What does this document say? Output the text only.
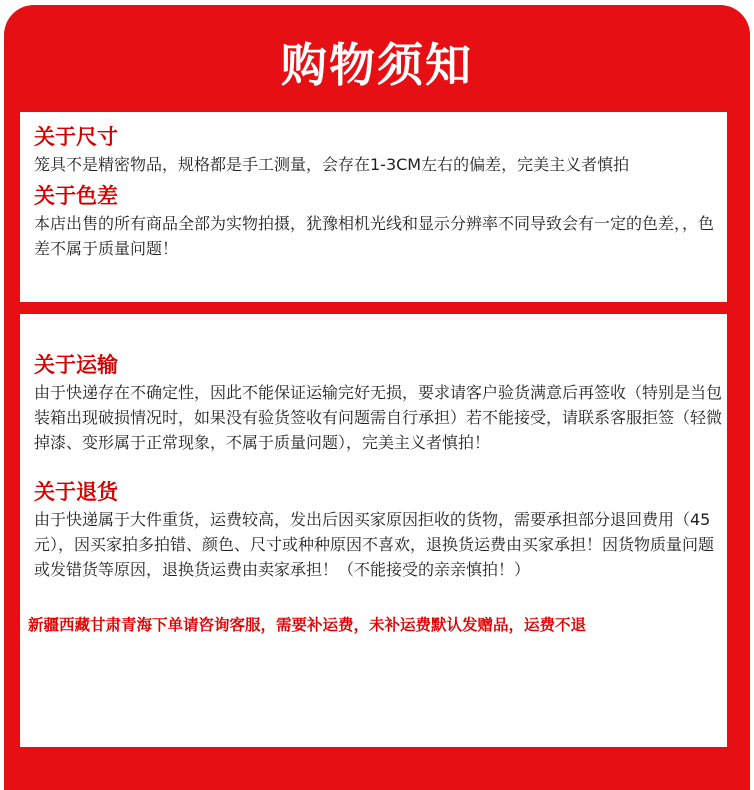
购物须知
关于尺寸

笼具不是精密物品，规格都是手工测量，会存在1-3CM左右的偏差，完美主义者慎拍

关于色差

本店出售的所有商品全部为实物拍摄，犹豫相机光线和显示分辨率不同导致会有一定的色差，，色差不属于质量问题！

关于运输

由于快递存在不确定性，因此不能保证运输完好无损，要求请客户验货满意后再签收（特别是当包装箱出现破损情况时，如果没有验货签收有问题需自行承担）若不能接受，请联系客服拒签（轻微掉漆、变形属于正常现象，不属于质量问题），完美主义者慎拍！

关于退货

由于快递属于大件重货，运费较高，发出后因买家原因拒收的货物，需要承担部分退回费用（45元），因买家拍多拍错、颜色、尺寸或种种原因不喜欢，退换货运费由买家承担！因货物质量问题或发错货等原因，退换货运费由卖家承担！（不能接受的亲亲慎拍！）

新疆西藏甘肃青海下单请咨询客服，需要补运费，未补运费默认发赠品，运费不退
